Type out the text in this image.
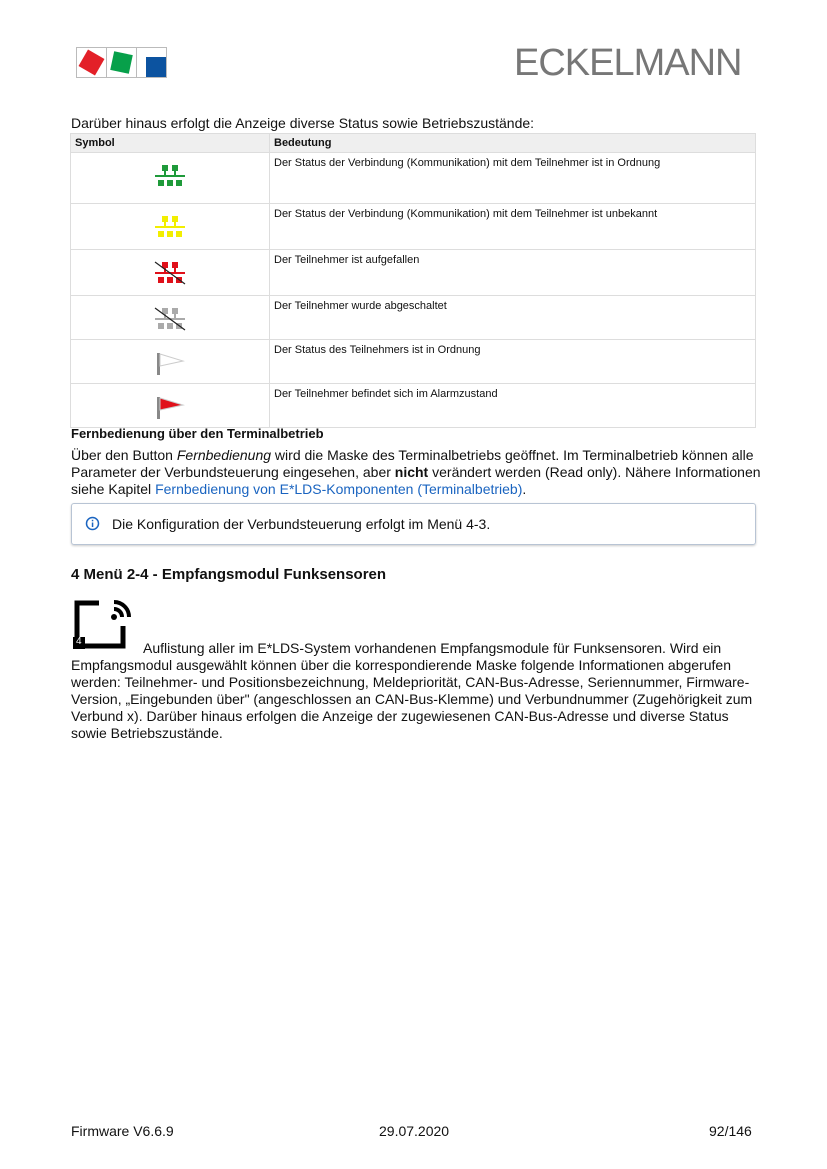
ECKELMANN
Darüber hinaus erfolgt die Anzeige diverse Status sowie Betriebszustände:
Symbol	Bedeutung
	Der Status der Verbindung (Kommunikation) mit dem Teilnehmer ist in Ordnung
	Der Status der Verbindung (Kommunikation) mit dem Teilnehmer ist unbekannt
	Der Teilnehmer ist aufgefallen
	Der Teilnehmer wurde abgeschaltet
	Der Status des Teilnehmers ist in Ordnung
	Der Teilnehmer befindet sich im Alarmzustand
Fernbedienung über den Terminalbetrieb
Über den Button Fernbedienung wird die Maske des Terminalbetriebs geöffnet. Im Terminalbetrieb können alle Parameter der Verbundsteuerung eingesehen, aber nicht verändert werden (Read only). Nähere Informationen siehe Kapitel Fernbedienung von E*LDS-Komponenten (Terminalbetrieb).
Die Konfiguration der Verbundsteuerung erfolgt im Menü 4-3.
4 Menü 2-4 - Empfangsmodul Funksensoren
4	Auflistung aller im E*LDS-System vorhandenen Empfangsmodule für Funksensoren. Wird ein Empfangsmodul ausgewählt können über die korrespondierende Maske folgende Informationen abgerufen werden: Teilnehmer- und Positionsbezeichnung, Meldepriorität, CAN-Bus-Adresse, Seriennummer, Firmware-Version, „Eingebunden über" (angeschlossen an CAN-Bus-Klemme) und Verbundnummer (Zugehörigkeit zum Verbund x). Darüber hinaus erfolgen die Anzeige der zugewiesenen CAN-Bus-Adresse und diverse Status sowie Betriebszustände.
Firmware V6.6.9	29.07.2020	92/146
